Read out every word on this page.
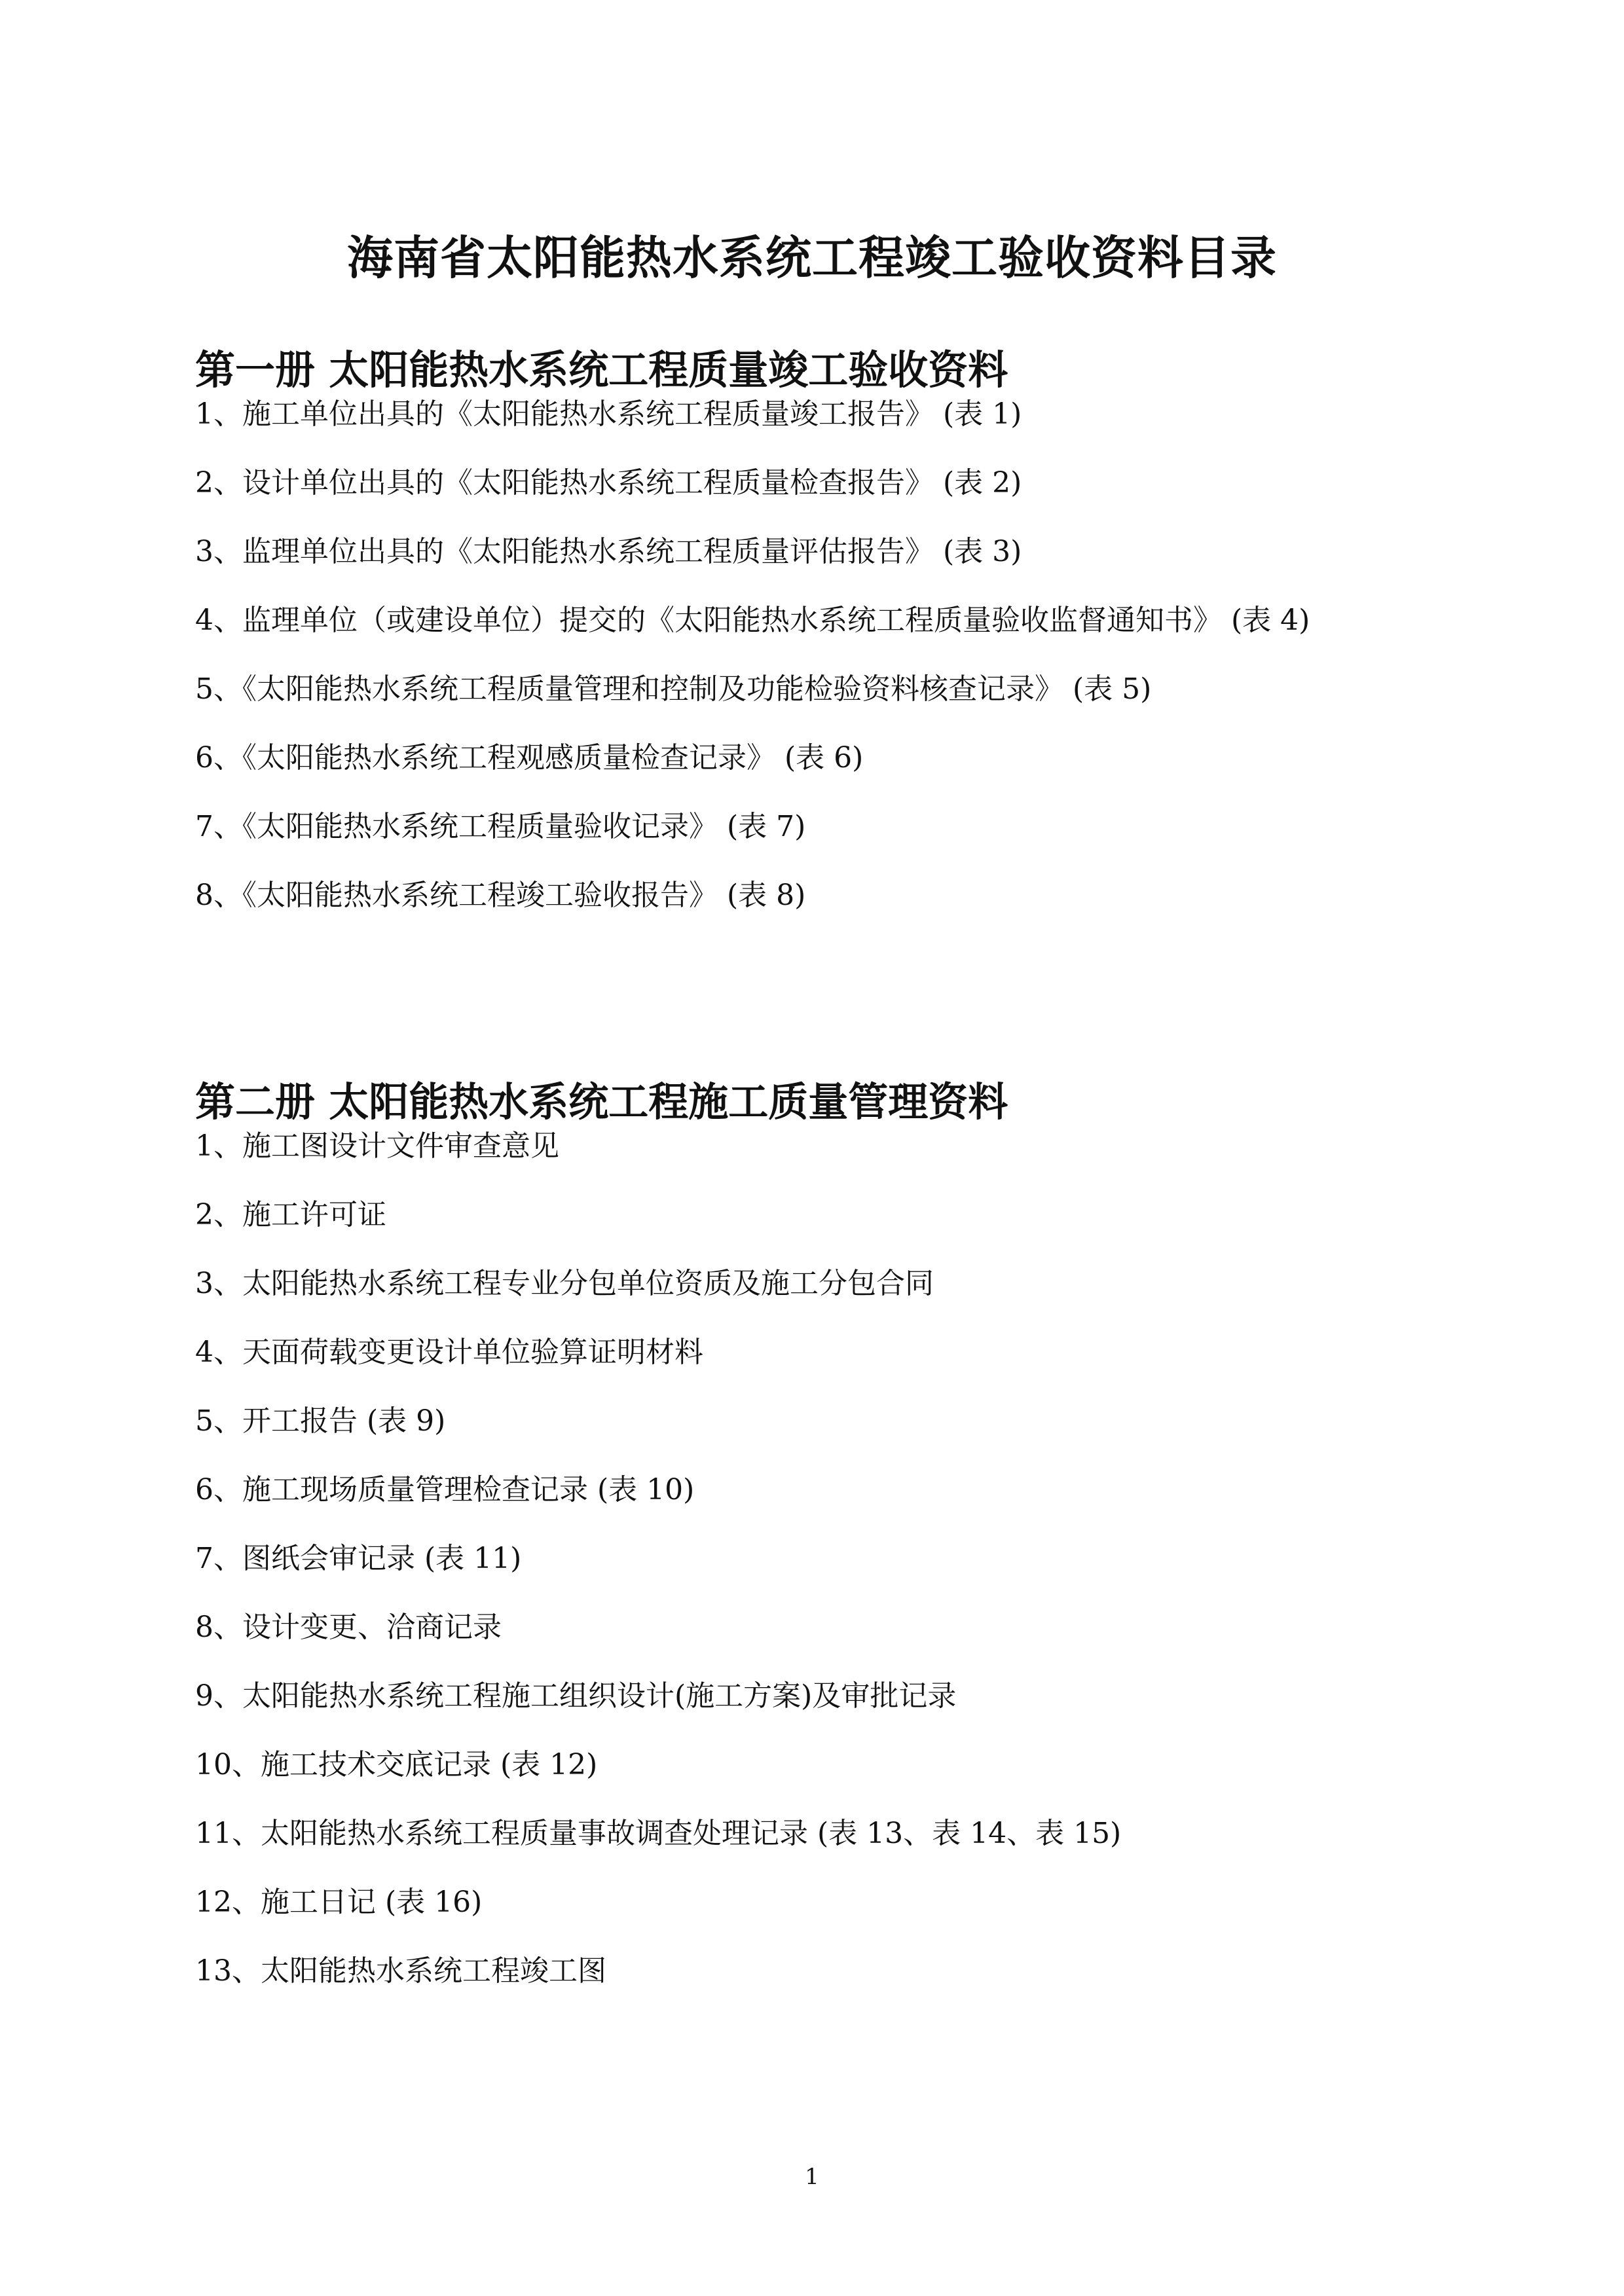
海南省太阳能热水系统工程竣工验收资料目录
第一册 太阳能热水系统工程质量竣工验收资料
1、施工单位出具的《太阳能热水系统工程质量竣工报告》 (表 1)
2、设计单位出具的《太阳能热水系统工程质量检查报告》 (表 2)
3、监理单位出具的《太阳能热水系统工程质量评估报告》 (表 3)
4、监理单位（或建设单位）提交的《太阳能热水系统工程质量验收监督通知书》 (表 4)
5、《太阳能热水系统工程质量管理和控制及功能检验资料核查记录》 (表 5)
6、《太阳能热水系统工程观感质量检查记录》 (表 6)
7、《太阳能热水系统工程质量验收记录》 (表 7)
8、《太阳能热水系统工程竣工验收报告》 (表 8)
第二册 太阳能热水系统工程施工质量管理资料
1、施工图设计文件审查意见
2、施工许可证
3、太阳能热水系统工程专业分包单位资质及施工分包合同
4、天面荷载变更设计单位验算证明材料
5、开工报告 (表 9)
6、施工现场质量管理检查记录 (表 10)
7、图纸会审记录 (表 11)
8、设计变更、洽商记录
9、太阳能热水系统工程施工组织设计(施工方案)及审批记录
10、施工技术交底记录 (表 12)
11、太阳能热水系统工程质量事故调查处理记录 (表 13、表 14、表 15)
12、施工日记 (表 16)
13、太阳能热水系统工程竣工图
1
